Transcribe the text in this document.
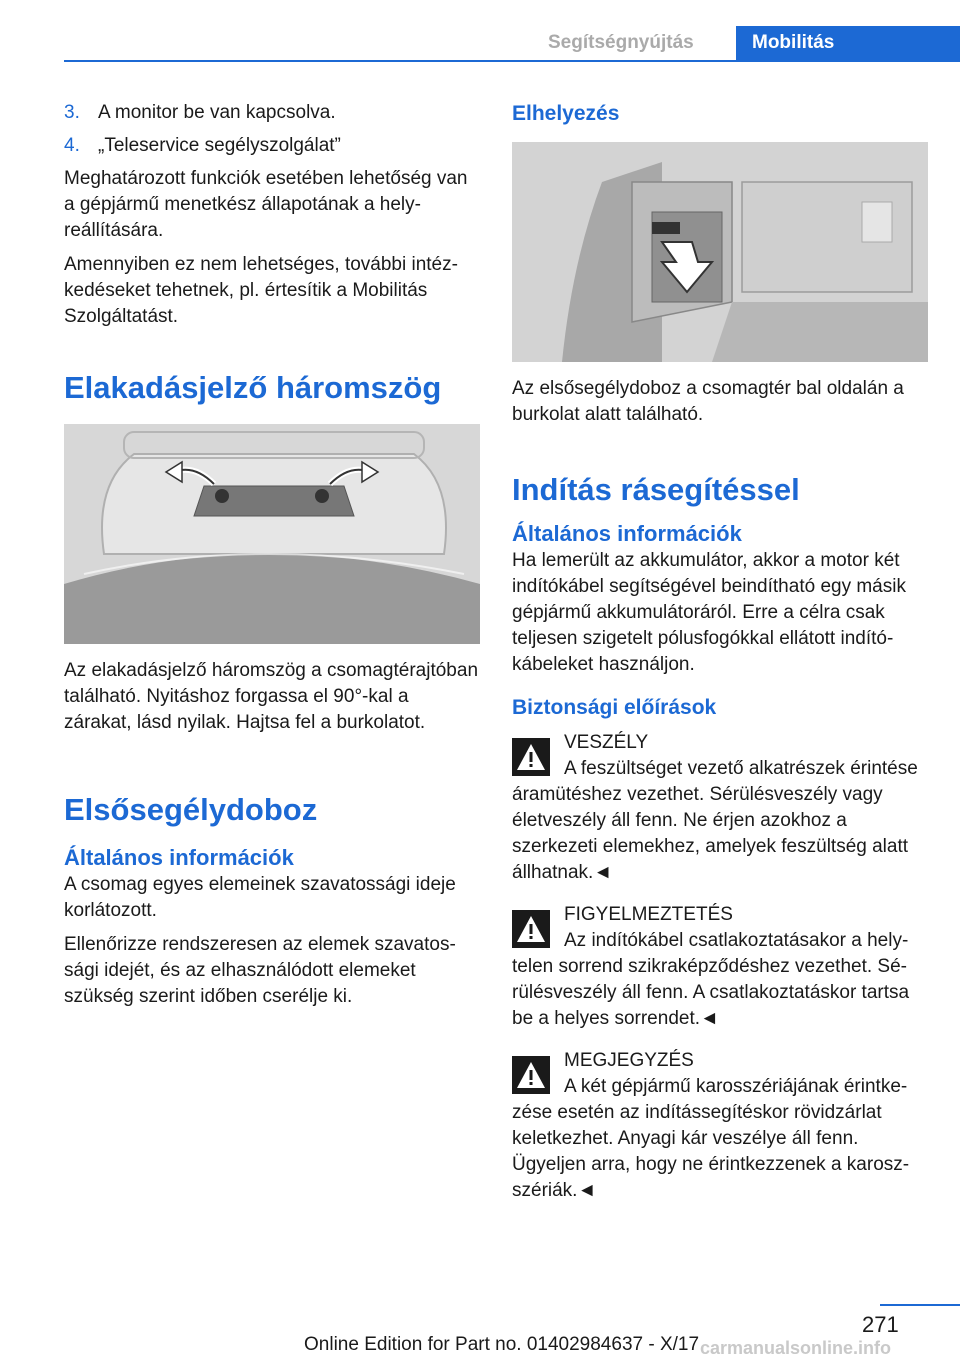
Segítségnyújtás	Mobilitás
3. A monitor be van kapcsolva.
4. „Teleservice segélyszolgálat”

Meghatározott funkciók esetében lehetőség van a gépjármű menetkész állapotának a helyreállítására.

Amennyiben ez nem lehetséges, további intézkedéseket tehetnek, pl. értesítik a Mobilitás Szolgáltatást.

Elakadásjelző háromszög

Az elakadásjelző háromszög a csomagtérajtóban található. Nyitáshoz forgassa el 90°-kal a zárakat, lásd nyilak. Hajtsa fel a burkolatot.

Elsősegélydoboz
Általános információk

A csomag egyes elemeinek szavatossági ideje korlátozott.

Ellenőrizze rendszeresen az elemek szavatossági idejét, és az elhasználódott elemeket szükség szerint időben cserélje ki.

Elhelyezés

Az elsősegélydoboz a csomagtér bal oldalán a burkolat alatt található.

Indítás rásegítéssel
Általános információk

Ha lemerült az akkumulátor, akkor a motor két indítókábel segítségével beindítható egy másik gépjármű akkumulátoráról. Erre a célra csak teljesen szigetelt pólusfogókkal ellátott indítókábeleket használjon.

Biztonsági előírások

VESZÉLY

A feszültséget vezető alkatrészek érintése áramütéshez vezethet. Sérülésveszély vagy életveszély áll fenn. Ne érjen azokhoz a szerkezeti elemekhez, amelyek feszültség alatt állhatnak.◄

FIGYELMEZTETÉS

Az indítókábel csatlakoztatásakor a helytelen sorrend szikraképződéshez vezethet. Sérülésveszély áll fenn. A csatlakoztatáskor tartsa be a helyes sorrendet.◄

MEGJEGYZÉS

A két gépjármű karosszériájának érintkezése esetén az indítássegítéskor rövidzárlat keletkezhet. Anyagi kár veszélye áll fenn. Ügyeljen arra, hogy ne érintkezzenek a karoszszériák.◄

271
Online Edition for Part no. 01402984637 - X/17 carmanualsonline.info
